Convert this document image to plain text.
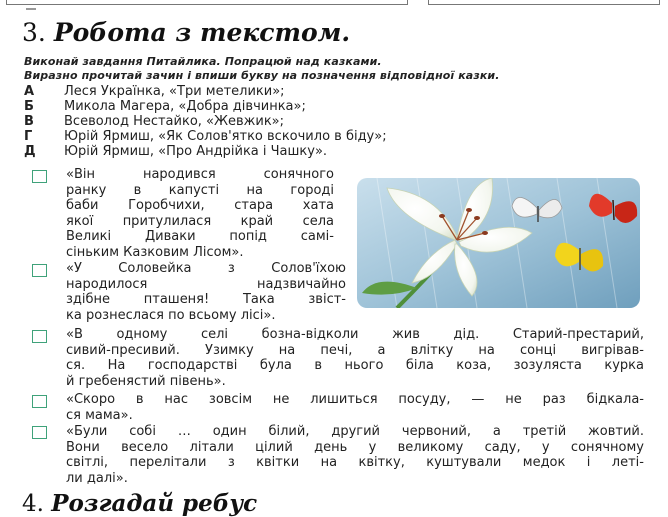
3. Робота з текстом.
Виконай завдання Питайлика. Попрацюй над казками.
Виразно прочитай зачин і впиши букву на позначення відповідної казки.
А Леся Українка, «Три метелики»;
Б Микола Магера, «Добра дівчинка»;
В Всеволод Нестайко, «Жевжик»;
Г Юрій Ярмиш, «Як Солов'ятко вскочило в біду»;
Д Юрій Ярмиш, «Про Андрійка і Чашку».
«Він народився сонячного
ранку в капусті на городі
баби Горобчихи, стара хата
якої притулилася край села
Великі Диваки попід самі-
сіньким Казковим Лісом».
«У Соловейка з Солов'їхою
народилося надзвичайно
здібне пташеня! Така звіст-
ка рознеслася по всьому лісі».
«В одному селі бозна-відколи жив дід. Старий-престарий,
сивий-пресивий. Узимку на печі, а влітку на сонці вигрівав-
ся. На господарстві була в нього біла коза, зозуляста курка
й гребенястий півень».
«Скоро в нас зовсім не лишиться посуду, — не раз бідкала-
ся мама».
«Були собі … один білий, другий червоний, а третій жовтий.
Вони весело літали цілий день у великому саду, у сонячному
світлі, перелітали з квітки на квітку, куштували медок і леті-
ли далі».
4. Розгадай ребус
